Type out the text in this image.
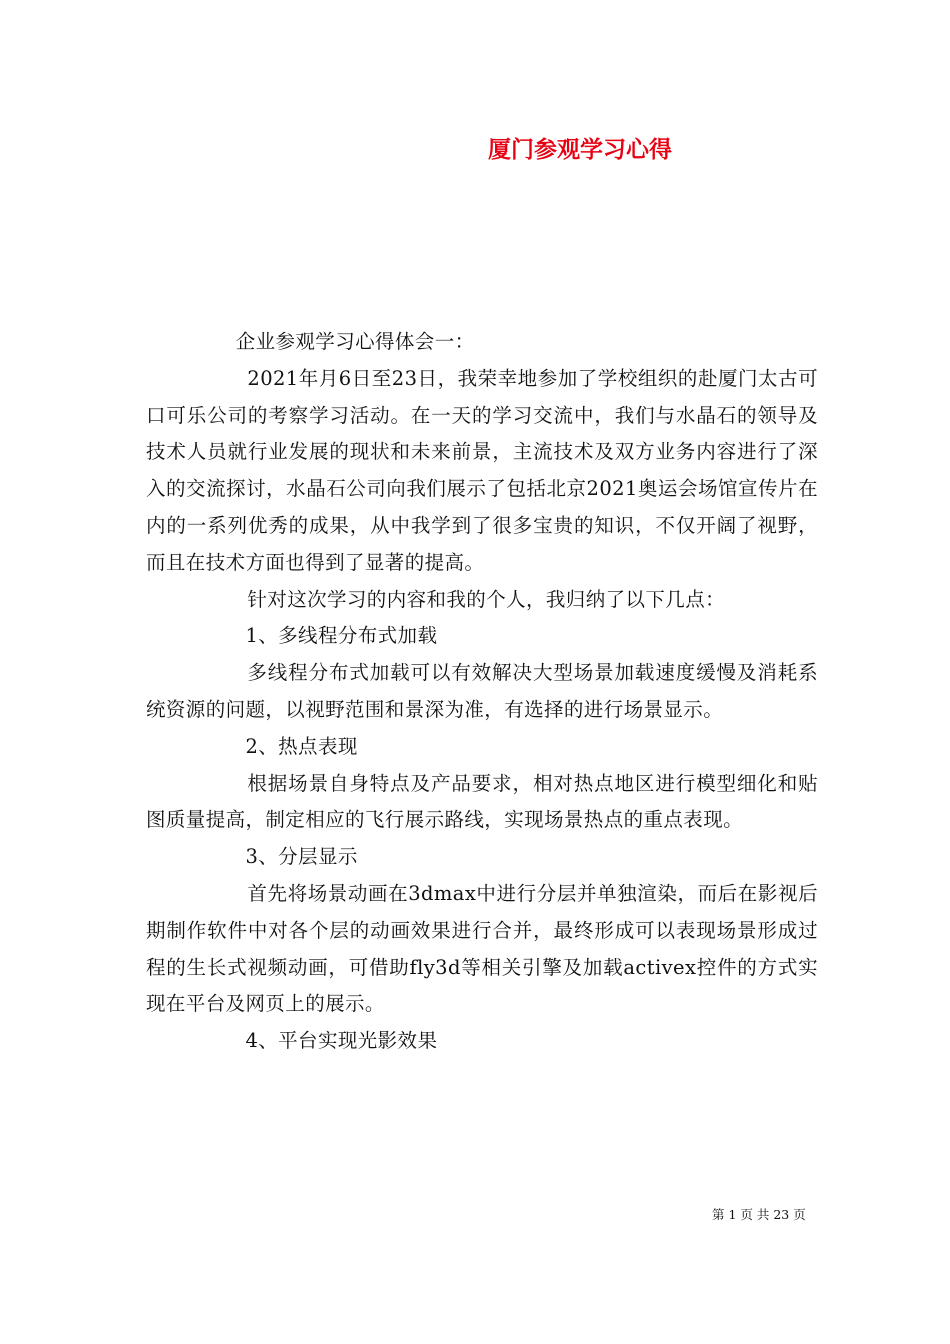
厦门参观学习心得

企业参观学习心得体会一：

2021年月6日至23日，我荣幸地参加了学校组织的赴厦门太古可口可乐公司的考察学习活动。在一天的学习交流中，我们与水晶石的领导及技术人员就行业发展的现状和未来前景，主流技术及双方业务内容进行了深入的交流探讨，水晶石公司向我们展示了包括北京2021奥运会场馆宣传片在内的一系列优秀的成果，从中我学到了很多宝贵的知识，不仅开阔了视野，而且在技术方面也得到了显著的提高。

针对这次学习的内容和我的个人，我归纳了以下几点：

1、多线程分布式加载

多线程分布式加载可以有效解决大型场景加载速度缓慢及消耗系统资源的问题，以视野范围和景深为准，有选择的进行场景显示。

2、热点表现

根据场景自身特点及产品要求，相对热点地区进行模型细化和贴图质量提高，制定相应的飞行展示路线，实现场景热点的重点表现。

3、分层显示

首先将场景动画在3dmax中进行分层并单独渲染，而后在影视后期制作软件中对各个层的动画效果进行合并，最终形成可以表现场景形成过程的生长式视频动画，可借助fly3d等相关引擎及加载activex控件的方式实现在平台及网页上的展示。

4、平台实现光影效果

第 1 页 共 23 页
